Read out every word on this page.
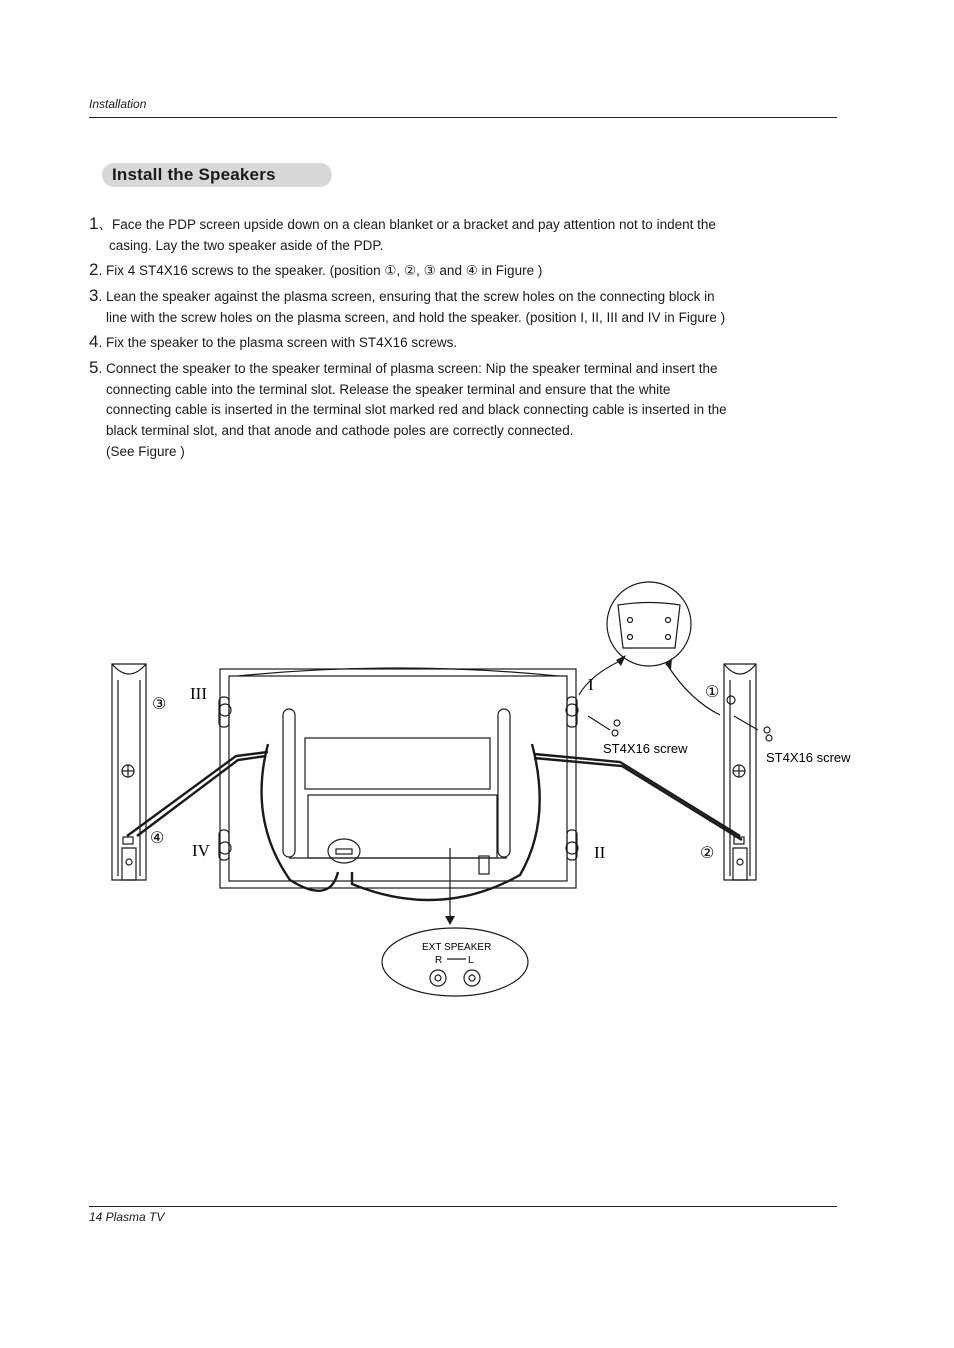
Installation
Install the Speakers
1、Face the PDP screen upside down on a clean blanket or a bracket and pay attention not to indent the
casing. Lay the two speaker aside of the PDP.
2. Fix 4 ST4X16 screws to the speaker. (position ①, ②, ③ and ④ in Figure )
3. Lean the speaker against the plasma screen, ensuring that the screw holes on the connecting block in
line with the screw holes on the plasma screen, and hold the speaker. (position I, II, III and IV in Figure )
4. Fix the speaker to the plasma screen with ST4X16 screws.
5. Connect the speaker to the speaker terminal of plasma screen: Nip the speaker terminal and insert the
connecting cable into the terminal slot. Release the speaker terminal and ensure that the white
connecting cable is inserted in the terminal slot marked red and black connecting cable is inserted in the
black terminal slot, and that anode and cathode poles are correctly connected.
(See Figure )
③
④
①
②
III
IV
I
II
ST4X16 screw
ST4X16 screw
EXT SPEAKER
R	L
14 Plasma TV
